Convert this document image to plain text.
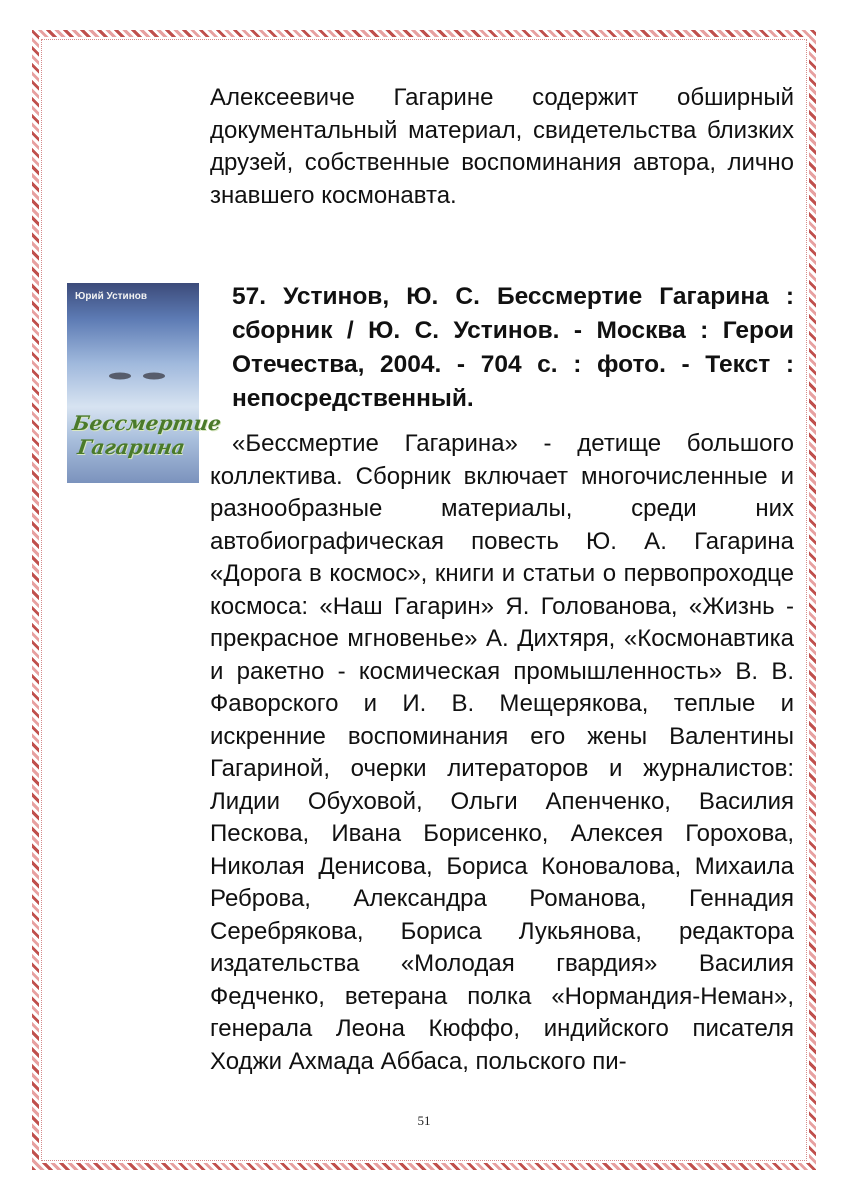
Алексеевиче Гагарине содержит обширный документальный материал, свидетельства близких друзей, собственные воспоминания автора, лично знавшего космонавта.

Юрий Устинов
Бессмертие
Гагарина

57. Устинов, Ю. С. Бессмертие Гагарина : сборник / Ю. С. Устинов. - Москва : Герои Отечества, 2004. - 704 с. : фото. - Текст : непосредственный.

«Бессмертие Гагарина» - детище большого коллектива. Сборник включает многочисленные и разнообразные материалы, среди них автобиографическая повесть Ю. А. Гагарина «Дорога в космос», книги и статьи о первопроходце космоса: «Наш Гагарин» Я. Голованова, «Жизнь - прекрасное мгновенье» А. Дихтяря, «Космонавтика и ракетно - космическая промышленность» В. В. Фаворского и И. В. Мещерякова, теплые и искренние воспоминания его жены Валентины Гагариной, очерки литераторов и журналистов: Лидии Обуховой, Ольги Апенченко, Василия Пескова, Ивана Борисенко, Алексея Горохова, Николая Денисова, Бориса Коновалова, Михаила Реброва, Александра Романова, Геннадия Серебрякова, Бориса Лукьянова, редактора издательства «Молодая гвардия» Василия Федченко, ветерана полка «Нормандия-Неман», генерала Леона Кюффо, индийского писателя Ходжи Ахмада Аббаса, польского пи-

51
